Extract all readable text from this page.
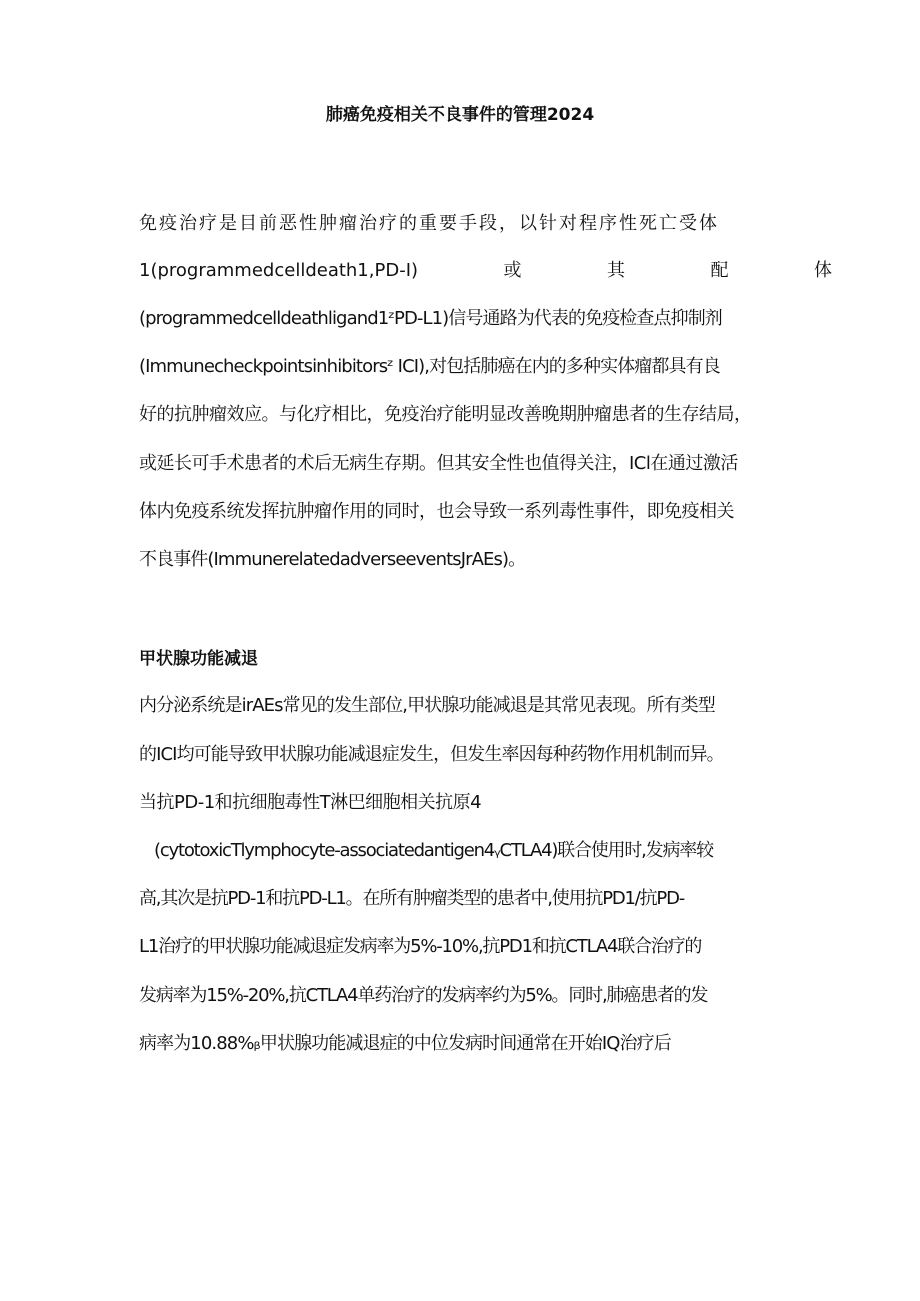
肺癌免疫相关不良事件的管理2024
免疫治疗是目前恶性肿瘤治疗的重要手段，以针对程序性死亡受体
1(programmedcelldeath1,PD-I)	或	其	配	体
(programmedcelldeathligand1ᶻPD-L1)信号通路为代表的免疫检查点抑制剂
(Immunecheckpointsinhibitorsᶻ ICI),对包括肺癌在内的多种实体瘤都具有良
好的抗肿瘤效应。与化疗相比，免疫治疗能明显改善晚期肿瘤患者的生存结局，
或延长可手术患者的术后无病生存期。但其安全性也值得关注，ICl在通过激活
体内免疫系统发挥抗肿瘤作用的同时，也会导致一系列毒性事件，即免疫相关
不良事件(ImmunerelatedadverseeventsJrAEs)。
甲状腺功能减退
内分泌系统是irAEs常见的发生部位,甲状腺功能减退是其常见表现。所有类型
的ICI均可能导致甲状腺功能减退症发生，但发生率因每种药物作用机制而异。
当抗PD-1和抗细胞毒性T淋巴细胞相关抗原4
(cytotoxicTlymphocyte-associatedantigen4ᵧCTLA4)联合使用时,发病率较
高,其次是抗PD-1和抗PD-L1。在所有肿瘤类型的患者中,使用抗PD1/抗PD-
L1治疗的甲状腺功能减退症发病率为5%-10%,抗PD1和抗CTLA4联合治疗的
发病率为15%-20%,抗CTLA4单药治疗的发病率约为5%。同时,肺癌患者的发
病率为10.88%ᵦ甲状腺功能减退症的中位发病时间通常在开始IQ治疗后
